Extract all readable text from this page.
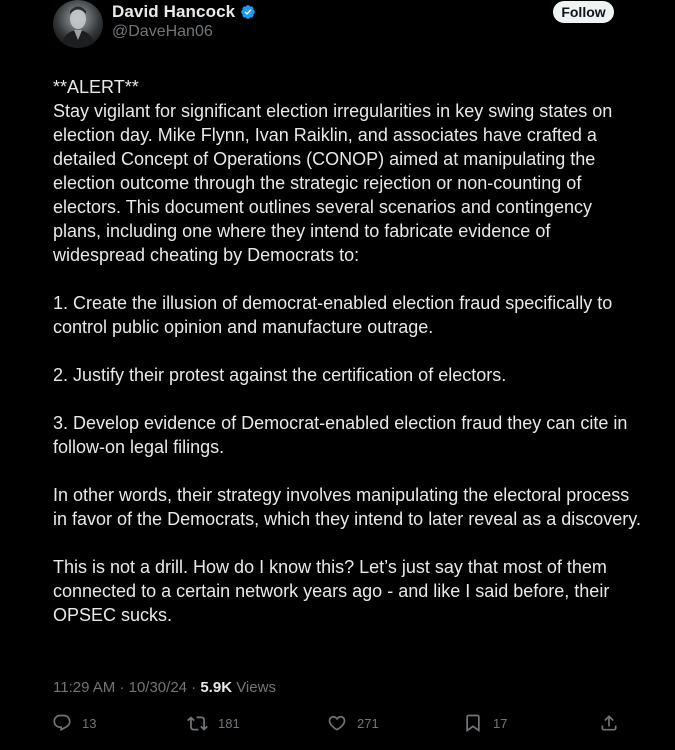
David Hancock
@DaveHan06
Follow

**ALERT**
Stay vigilant for significant election irregularities in key swing states on election day. Mike Flynn, Ivan Raiklin, and associates have crafted a detailed Concept of Operations (CONOP) aimed at manipulating the election outcome through the strategic rejection or non-counting of electors. This document outlines several scenarios and contingency plans, including one where they intend to fabricate evidence of widespread cheating by Democrats to:

1. Create the illusion of democrat-enabled election fraud specifically to control public opinion and manufacture outrage.

2. Justify their protest against the certification of electors.

3. Develop evidence of Democrat-enabled election fraud they can cite in follow-on legal filings.

In other words, their strategy involves manipulating the electoral process in favor of the Democrats, which they intend to later reveal as a discovery.

This is not a drill. How do I know this? Let’s just say that most of them connected to a certain network years ago - and like I said before, their OPSEC sucks.

11:29 AM · 10/30/24 · 5.9K Views
13	181	271	17
